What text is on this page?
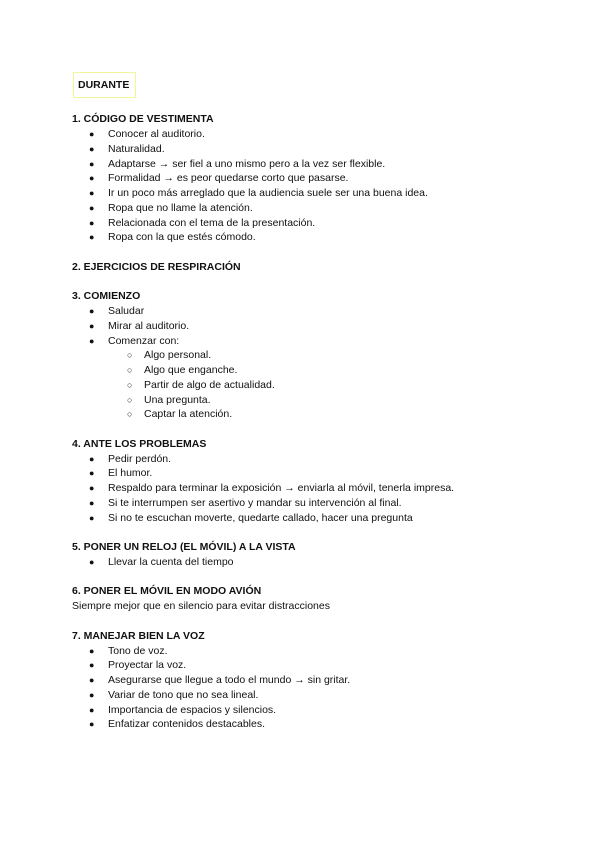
DURANTE
1. CÓDIGO DE VESTIMENTA
● Conocer al auditorio.
● Naturalidad.
● Adaptarse → ser fiel a uno mismo pero a la vez ser flexible.
● Formalidad → es peor quedarse corto que pasarse.
● Ir un poco más arreglado que la audiencia suele ser una buena idea.
● Ropa que no llame la atención.
● Relacionada con el tema de la presentación.
● Ropa con la que estés cómodo.
2. EJERCICIOS DE RESPIRACIÓN
3. COMIENZO
● Saludar
● Mirar al auditorio.
● Comenzar con:
○ Algo personal.
○ Algo que enganche.
○ Partir de algo de actualidad.
○ Una pregunta.
○ Captar la atención.
4. ANTE LOS PROBLEMAS
● Pedir perdón.
● El humor.
● Respaldo para terminar la exposición → enviarla al móvil, tenerla impresa.
● Si te interrumpen ser asertivo y mandar su intervención al final.
● Si no te escuchan moverte, quedarte callado, hacer una pregunta
5. PONER UN RELOJ (EL MÓVIL) A LA VISTA
● Llevar la cuenta del tiempo
6. PONER EL MÓVIL EN MODO AVIÓN
Siempre mejor que en silencio para evitar distracciones
7. MANEJAR BIEN LA VOZ
● Tono de voz.
● Proyectar la voz.
● Asegurarse que llegue a todo el mundo → sin gritar.
● Variar de tono que no sea lineal.
● Importancia de espacios y silencios.
● Enfatizar contenidos destacables.
